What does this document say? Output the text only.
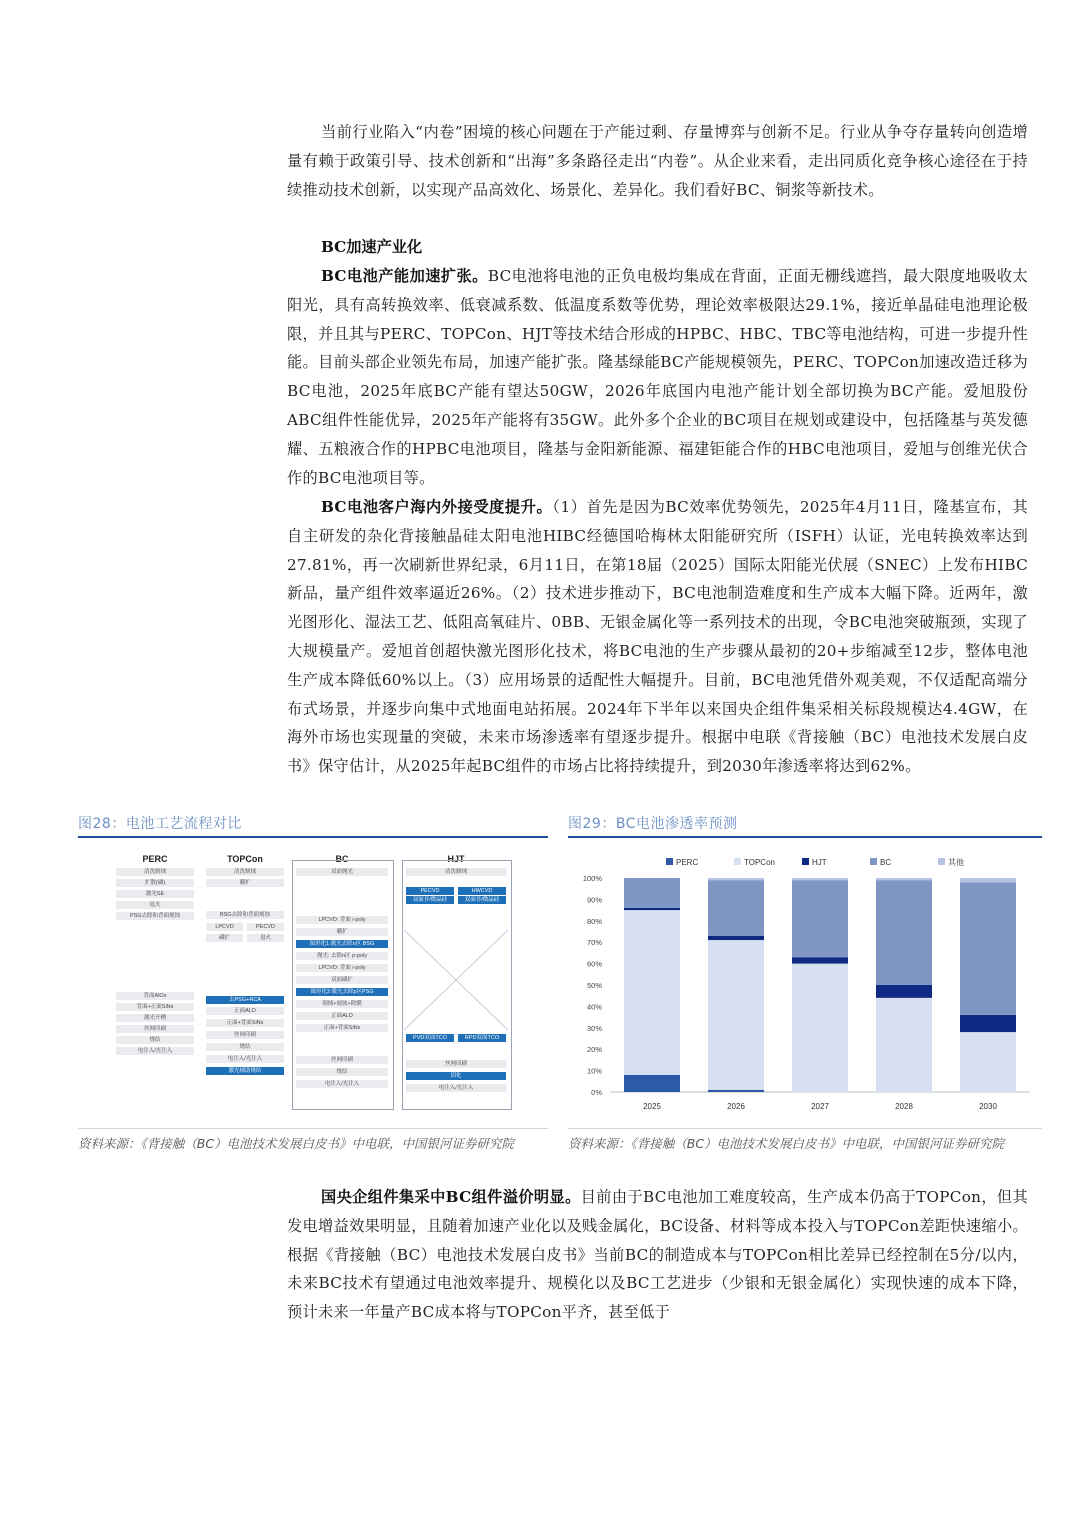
当前行业陷入“内卷”困境的核心问题在于产能过剩、存量博弈与创新不足。行业从争夺存量转向创造增量有赖于政策引导、技术创新和“出海”多条路径走出“内卷”。从企业来看，走出同质化竞争核心途径在于持续推动技术创新，以实现产品高效化、场景化、差异化。我们看好BC、铜浆等新技术。

BC加速产业化

BC电池产能加速扩张。BC电池将电池的正负电极均集成在背面，正面无栅线遮挡，最大限度地吸收太阳光，具有高转换效率、低衰减系数、低温度系数等优势，理论效率极限达29.1%，接近单晶硅电池理论极限，并且其与PERC、TOPCon、HJT等技术结合形成的HPBC、HBC、TBC等电池结构，可进一步提升性能。目前头部企业领先布局，加速产能扩张。隆基绿能BC产能规模领先，PERC、TOPCon加速改造迁移为BC电池，2025年底BC产能有望达50GW，2026年底国内电池产能计划全部切换为BC产能。爱旭股份ABC组件性能优异，2025年产能将有35GW。此外多个企业的BC项目在规划或建设中，包括隆基与英发德耀、五粮液合作的HPBC电池项目，隆基与金阳新能源、福建钜能合作的HBC电池项目，爱旭与创维光伏合作的BC电池项目等。

BC电池客户海内外接受度提升。（1）首先是因为BC效率优势领先，2025年4月11日，隆基宣布，其自主研发的杂化背接触晶硅太阳电池HIBC经德国哈梅林太阳能研究所（ISFH）认证，光电转换效率达到27.81%，再一次刷新世界纪录，6月11日，在第18届（2025）国际太阳能光伏展（SNEC）上发布HIBC新品，量产组件效率逼近26%。（2）技术进步推动下，BC电池制造难度和生产成本大幅下降。近两年，激光图形化、湿法工艺、低阻高氧硅片、0BB、无银金属化等一系列技术的出现，令BC电池突破瓶颈，实现了大规模量产。爱旭首创超快激光图形化技术，将BC电池的生产步骤从最初的20+步缩减至12步，整体电池生产成本降低60%以上。（3）应用场景的适配性大幅提升。目前，BC电池凭借外观美观，不仅适配高端分布式场景，并逐步向集中式地面电站拓展。2024年下半年以来国央企组件集采相关标段规模达4.4GW，在海外市场也实现量的突破，未来市场渗透率有望逐步提升。根据中电联《背接触（BC）电池技术发展白皮书》保守估计，从2025年起BC组件的市场占比将持续提升，到2030年渗透率将达到62%。

图28：电池工艺流程对比

PERC
清洗制绒
扩散(磷)
激光SE
退火
PSG去除和背面刻蚀
背面AlOx
背面+正面SiNx
激光开槽
丝网印刷
烧结
电注入/光注入
TOPCon
清洗制绒
硼扩
BSG去除和背面刻蚀
LPCVD	PECVD
磷扩	退火
去PSG+RCA
正面ALD
正面+背面SiNx
丝网印刷
烧结
电注入/光注入
激光辅助烧结
BC
双面抛光
LPCVD: 背面 i-poly
硼扩
图形化1:激光去除n区 BSG
抛光: 去除n区 p-poly
LPCVD: 背面 i-poly
双面磷扩
图形化2:激光去除p区PSG
制绒+刻蚀+除膜
正面ALD
正面+背面SiNx
丝网印刷
烧结
电注入/光注入
HJT
清洗制绒
PECVD
双面非/微晶硅
HWCVD
双面非/微晶硅
PVD双面TCO	RPD双面TCO
丝网印刷
固化
电注入/光注入

资料来源：《背接触（BC）电池技术发展白皮书》中电联，中国银河证券研究院

图29：BC电池渗透率预测

PERC	TOPCon	HJT	BC	其他
0%
10%
20%
30%
40%
50%
60%
70%
80%
90%
100%
2025	2026	2027	2028	2030

资料来源：《背接触（BC）电池技术发展白皮书》中电联，中国银河证券研究院

国央企组件集采中BC组件溢价明显。目前由于BC电池加工难度较高，生产成本仍高于TOPCon，但其发电增益效果明显，且随着加速产业化以及贱金属化，BC设备、材料等成本投入与TOPCon差距快速缩小。根据《背接触（BC）电池技术发展白皮书》当前BC的制造成本与TOPCon相比差异已经控制在5分/以内，未来BC技术有望通过电池效率提升、规模化以及BC工艺进步（少银和无银金属化）实现快速的成本下降，预计未来一年量产BC成本将与TOPCon平齐，甚至低于
